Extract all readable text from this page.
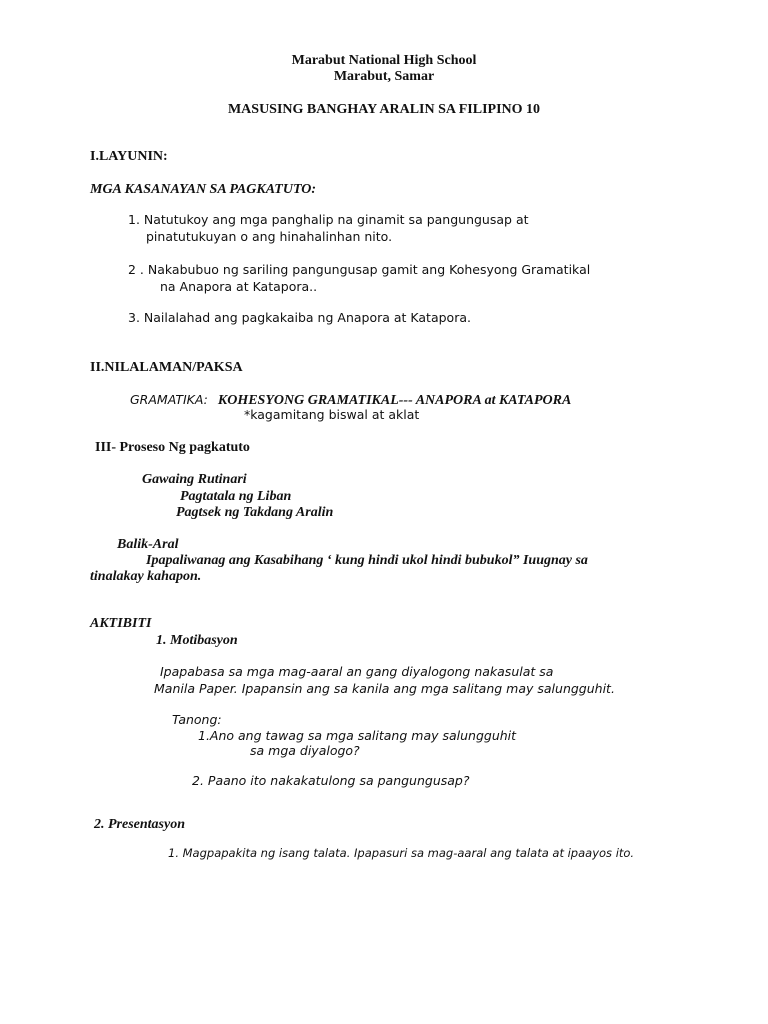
Marabut National High School
Marabut, Samar
MASUSING BANGHAY ARALIN SA FILIPINO 10
I.LAYUNIN:
MGA KASANAYAN SA PAGKATUTO:
1. Natutukoy ang mga panghalip na ginamit sa pangungusap at
pinatutukuyan o ang hinahalinhan nito.
2 . Nakabubuo ng sariling pangungusap gamit ang Kohesyong Gramatikal
na Anapora at Katapora..
3. Nailalahad ang pagkakaiba ng Anapora at Katapora.
II.NILALAMAN/PAKSA
GRAMATIKA: KOHESYONG GRAMATIKAL--- ANAPORA at KATAPORA
*kagamitang biswal at aklat
III- Proseso Ng pagkatuto
Gawaing Rutinari
Pagtatala ng Liban
Pagtsek ng Takdang Aralin
Balik-Aral
Ipapaliwanag ang Kasabihang ‘ kung hindi ukol hindi bubukol” Iuugnay sa
tinalakay kahapon.
AKTIBITI
1. Motibasyon
Ipapabasa sa mga mag-aaral an gang diyalogong nakasulat sa
Manila Paper. Ipapansin ang sa kanila ang mga salitang may salungguhit.
Tanong:
1.Ano ang tawag sa mga salitang may salungguhit
sa mga diyalogo?
2. Paano ito nakakatulong sa pangungusap?
2. Presentasyon
1. Magpapakita ng isang talata. Ipapasuri sa mag-aaral ang talata at ipaayos ito.
